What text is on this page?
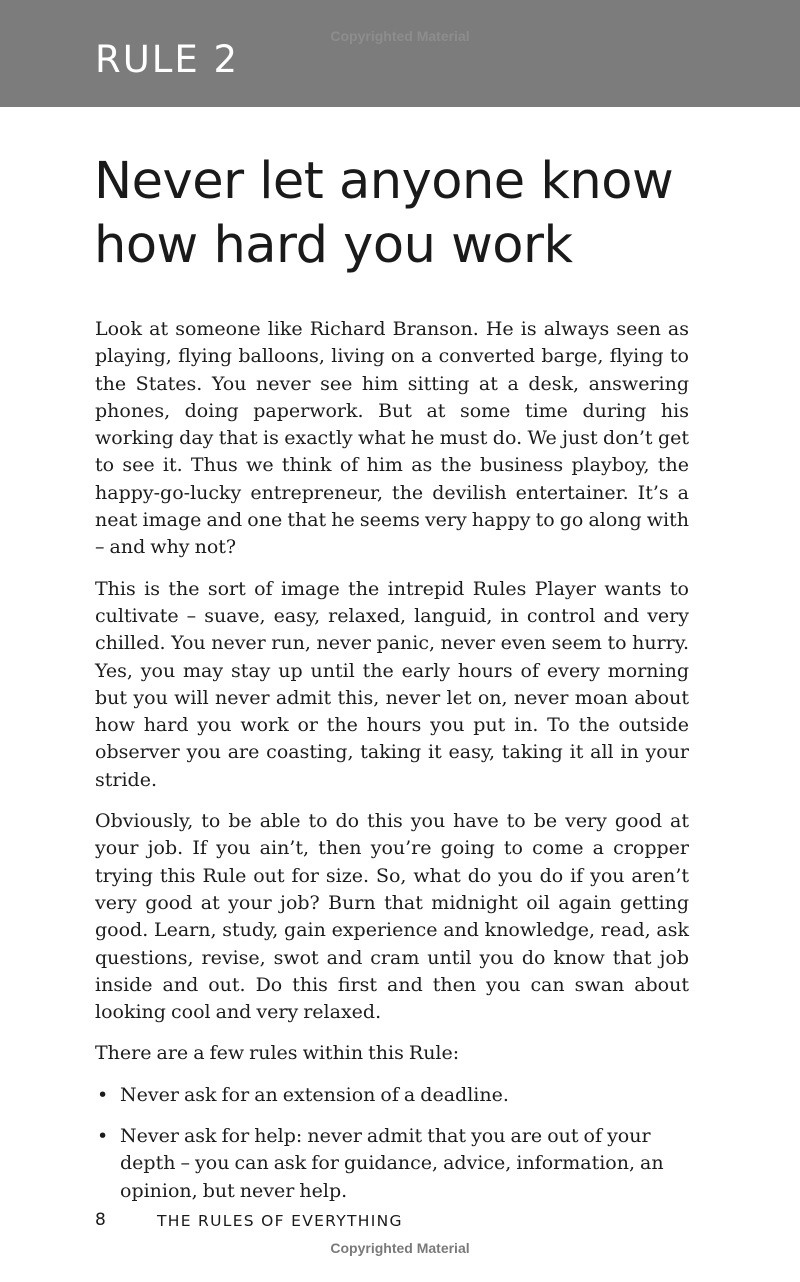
RULE 2
Copyrighted Material
Never let anyone know
how hard you work

Look at someone like Richard Branson. He is always seen as playing, flying balloons, living on a converted barge, flying to the States. You never see him sitting at a desk, answering phones, doing paperwork. But at some time during his working day that is exactly what he must do. We just don’t get to see it. Thus we think of him as the business playboy, the happy-go-lucky entrepreneur, the devilish entertainer. It’s a neat image and one that he seems very happy to go along with – and why not?

This is the sort of image the intrepid Rules Player wants to cultivate – suave, easy, relaxed, languid, in control and very chilled. You never run, never panic, never even seem to hurry. Yes, you may stay up until the early hours of every morning but you will never admit this, never let on, never moan about how hard you work or the hours you put in. To the outside observer you are coasting, taking it easy, taking it all in your stride.

Obviously, to be able to do this you have to be very good at your job. If you ain’t, then you’re going to come a cropper trying this Rule out for size. So, what do you do if you aren’t very good at your job? Burn that midnight oil again getting good. Learn, study, gain experience and knowledge, read, ask questions, revise, swot and cram until you do know that job inside and out. Do this first and then you can swan about looking cool and very relaxed.

There are a few rules within this Rule:

• Never ask for an extension of a deadline.
• Never ask for help: never admit that you are out of your depth – you can ask for guidance, advice, information, an opinion, but never help.
8	THE RULES OF EVERYTHING
Copyrighted Material
